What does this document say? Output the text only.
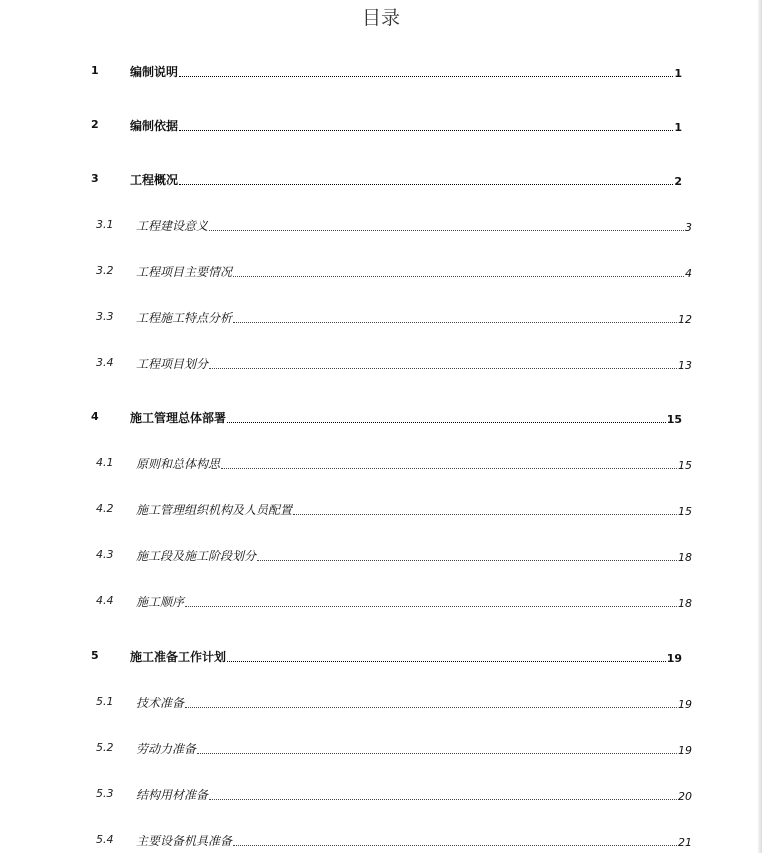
目录
1	编制说明	1
2	编制依据	1
3	工程概况	2
3.1 工程建设意义	3
3.2 工程项目主要情况	4
3.3 工程施工特点分析	12
3.4 工程项目划分	13
4	施工管理总体部署	15
4.1 原则和总体构思	15
4.2 施工管理组织机构及人员配置	15
4.3 施工段及施工阶段划分	18
4.4 施工顺序	18
5	施工准备工作计划	19
5.1 技术准备	19
5.2 劳动力准备	19
5.3 结构用材准备	20
5.4 主要设备机具准备	21
